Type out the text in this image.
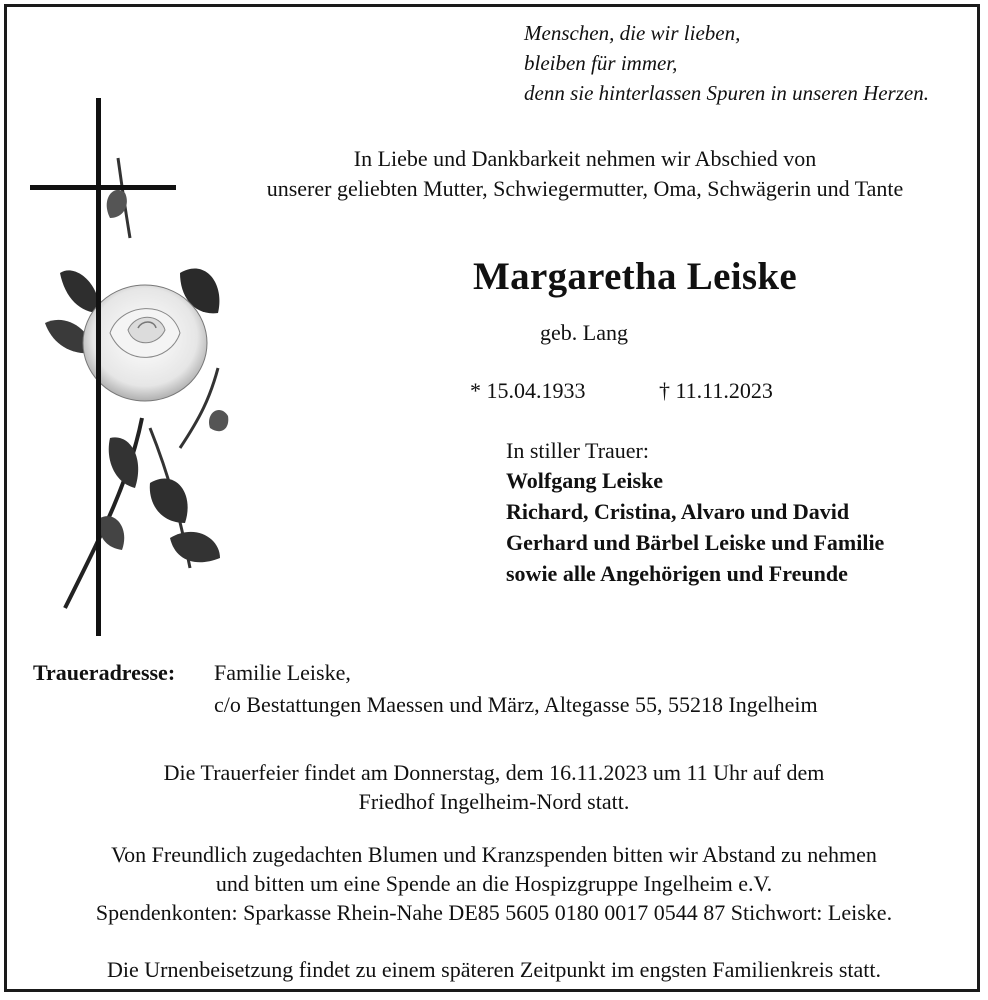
Menschen, die wir lieben,
bleiben für immer,
denn sie hinterlassen Spuren in unseren Herzen.
In Liebe und Dankbarkeit nehmen wir Abschied von
unserer geliebten Mutter, Schwiegermutter, Oma, Schwägerin und Tante
Margaretha Leiske
geb. Lang
* 15.04.1933	† 11.11.2023
In stiller Trauer:
Wolfgang Leiske
Richard, Cristina, Alvaro und David
Gerhard und Bärbel Leiske und Familie
sowie alle Angehörigen und Freunde
Traueradresse: Familie Leiske,
c/o Bestattungen Maessen und März, Altegasse 55, 55218 Ingelheim
Die Trauerfeier findet am Donnerstag, dem 16.11.2023 um 11 Uhr auf dem
Friedhof Ingelheim-Nord statt.
Von Freundlich zugedachten Blumen und Kranzspenden bitten wir Abstand zu nehmen
und bitten um eine Spende an die Hospizgruppe Ingelheim e.V.
Spendenkonten: Sparkasse Rhein-Nahe DE85 5605 0180 0017 0544 87 Stichwort: Leiske.
Die Urnenbeisetzung findet zu einem späteren Zeitpunkt im engsten Familienkreis statt.
